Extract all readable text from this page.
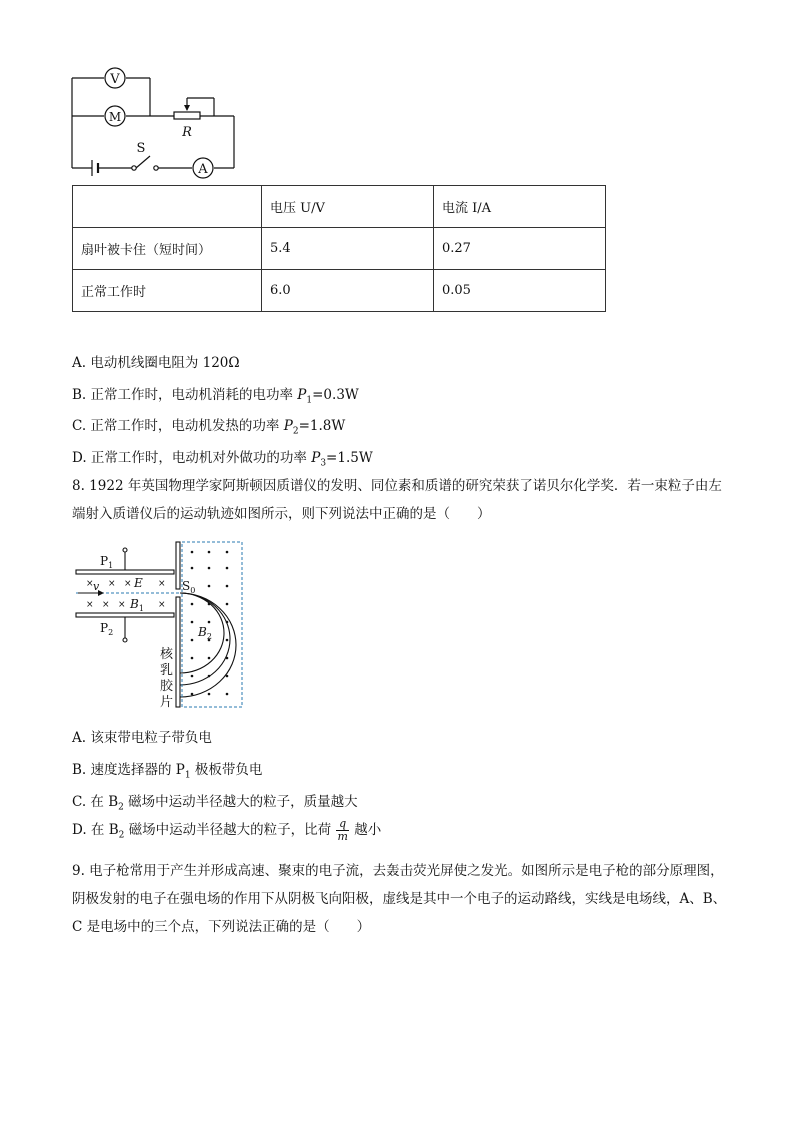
V
M
R
S
A
	电压 U/V	电流 I/A
扇叶被卡住（短时间）	5.4	0.27
正常工作时	6.0	0.05
A. 电动机线圈电阻为 120Ω
B. 正常工作时，电动机消耗的电功率 $P_1=0.3W$
C. 正常工作时，电动机发热的功率 $P_2=1.8W$
D. 正常工作时，电动机对外做功的功率 $P_3=1.5W$
8. 1922 年英国物理学家阿斯顿因质谱仪的发明、同位素和质谱的研究荣获了诺贝尔化学奖．若一束粒子由左端射入质谱仪后的运动轨迹如图所示，则下列说法中正确的是（　　）
× × ×	×
× × ×	×
$P_1$
$P_2$
v	E
$B_1$
$S_0$
$B_2$
核
乳
胶
片
A. 该束带电粒子带负电
B. 速度选择器的 $P_1$ 极板带负电
C. 在 $B_2$ 磁场中运动半径越大的粒子，质量越大
D. 在 $B_2$ 磁场中运动半径越大的粒子，比荷 $\frac{q}{m}$ 越小
9. 电子枪常用于产生并形成高速、聚束的电子流，去轰击荧光屏使之发光。如图所示是电子枪的部分原理图，阴极发射的电子在强电场的作用下从阴极飞向阳极，虚线是其中一个电子的运动路线，实线是电场线，A、B、C 是电场中的三个点，下列说法正确的是（　　）
